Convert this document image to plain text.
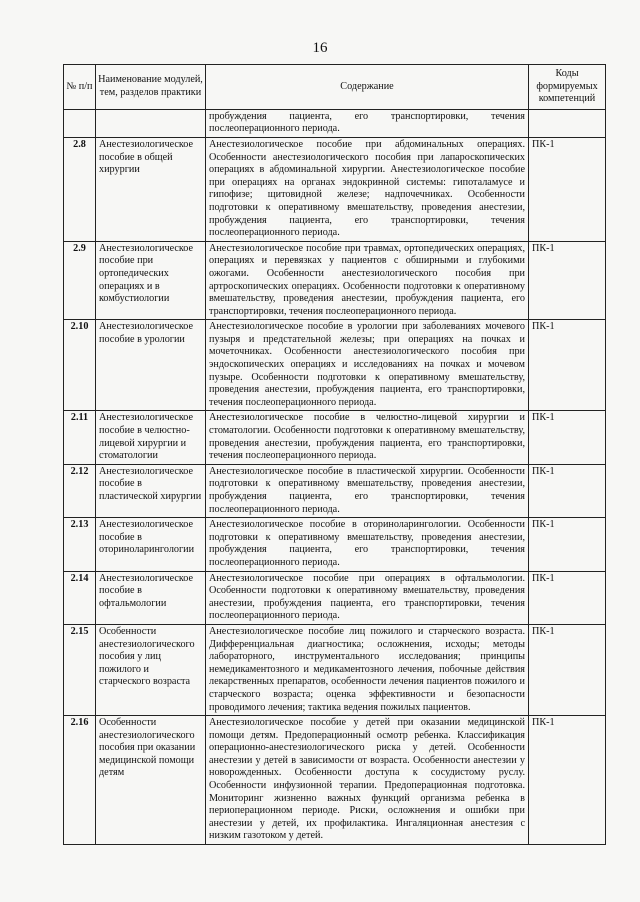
16
№ п/п	Наименование модулей, тем, разделов практики	Содержание	Коды формируемых компетенций
		пробуждения пациента, его транспортировки, течения послеоперационного периода.	
2.8	Анестезиологическое пособие в общей хирургии	Анестезиологическое пособие при абдоминальных операциях. Особенности анестезиологического пособия при лапароскопических операциях в абдоминальной хирургии. Анестезиологическое пособие при операциях на органах эндокринной системы: гипоталамусе и гипофизе; щитовидной железе; надпочечниках. Особенности подготовки к оперативному вмешательству, проведения анестезии, пробуждения пациента, его транспортировки, течения послеоперационного периода.	ПК-1
2.9	Анестезиологическое пособие при ортопедических операциях и в комбустиологии	Анестезиологическое пособие при травмах, ортопедических операциях, операциях и перевязках у пациентов с обширными и глубокими ожогами. Особенности анестезиологического пособия при артроскопических операциях. Особенности подготовки к оперативному вмешательству, проведения анестезии, пробуждения пациента, его транспортировки, течения послеоперационного периода.	ПК-1
2.10	Анестезиологическое пособие в урологии	Анестезиологическое пособие в урологии при заболеваниях мочевого пузыря и предстательной железы; при операциях на почках и мочеточниках. Особенности анестезиологического пособия при эндоскопических операциях и исследованиях на почках и мочевом пузыре. Особенности подготовки к оперативному вмешательству, проведения анестезии, пробуждения пациента, его транспортировки, течения послеоперационного периода.	ПК-1
2.11	Анестезиологическое пособие в челюстно-лицевой хирургии и стоматологии	Анестезиологическое пособие в челюстно-лицевой хирургии и стоматологии. Особенности подготовки к оперативному вмешательству, проведения анестезии, пробуждения пациента, его транспортировки, течения послеоперационного периода.	ПК-1
2.12	Анестезиологическое пособие в пластической хирургии	Анестезиологическое пособие в пластической хирургии. Особенности подготовки к оперативному вмешательству, проведения анестезии, пробуждения пациента, его транспортировки, течения послеоперационного периода.	ПК-1
2.13	Анестезиологическое пособие в оториноларингологии	Анестезиологическое пособие в оториноларингологии. Особенности подготовки к оперативному вмешательству, проведения анестезии, пробуждения пациента, его транспортировки, течения послеоперационного периода.	ПК-1
2.14	Анестезиологическое пособие в офтальмологии	Анестезиологическое пособие при операциях в офтальмологии. Особенности подготовки к оперативному вмешательству, проведения анестезии, пробуждения пациента, его транспортировки, течения послеоперационного периода.	ПК-1
2.15	Особенности анестезиологического пособия у лиц пожилого и старческого возраста	Анестезиологическое пособие лиц пожилого и старческого возраста. Дифференциальная диагностика; осложнения, исходы; методы лабораторного, инструментального исследования; принципы немедикаментозного и медикаментозного лечения, побочные действия лекарственных препаратов, особенности лечения пациентов пожилого и старческого возраста; оценка эффективности и безопасности проводимого лечения; тактика ведения пожилых пациентов.	ПК-1
2.16	Особенности анестезиологического пособия при оказании медицинской помощи детям	Анестезиологическое пособие у детей при оказании медицинской помощи детям. Предоперационный осмотр ребенка. Классификация операционно-анестезиологического риска у детей. Особенности анестезии у детей в зависимости от возраста. Особенности анестезии у новорожденных. Особенности доступа к сосудистому руслу. Особенности инфузионной терапии. Предоперационная подготовка. Мониторинг жизненно важных функций организма ребенка в периоперационном периоде. Риски, осложнения и ошибки при анестезии у детей, их профилактика. Ингаляционная анестезия с низким газотоком у детей.	ПК-1
